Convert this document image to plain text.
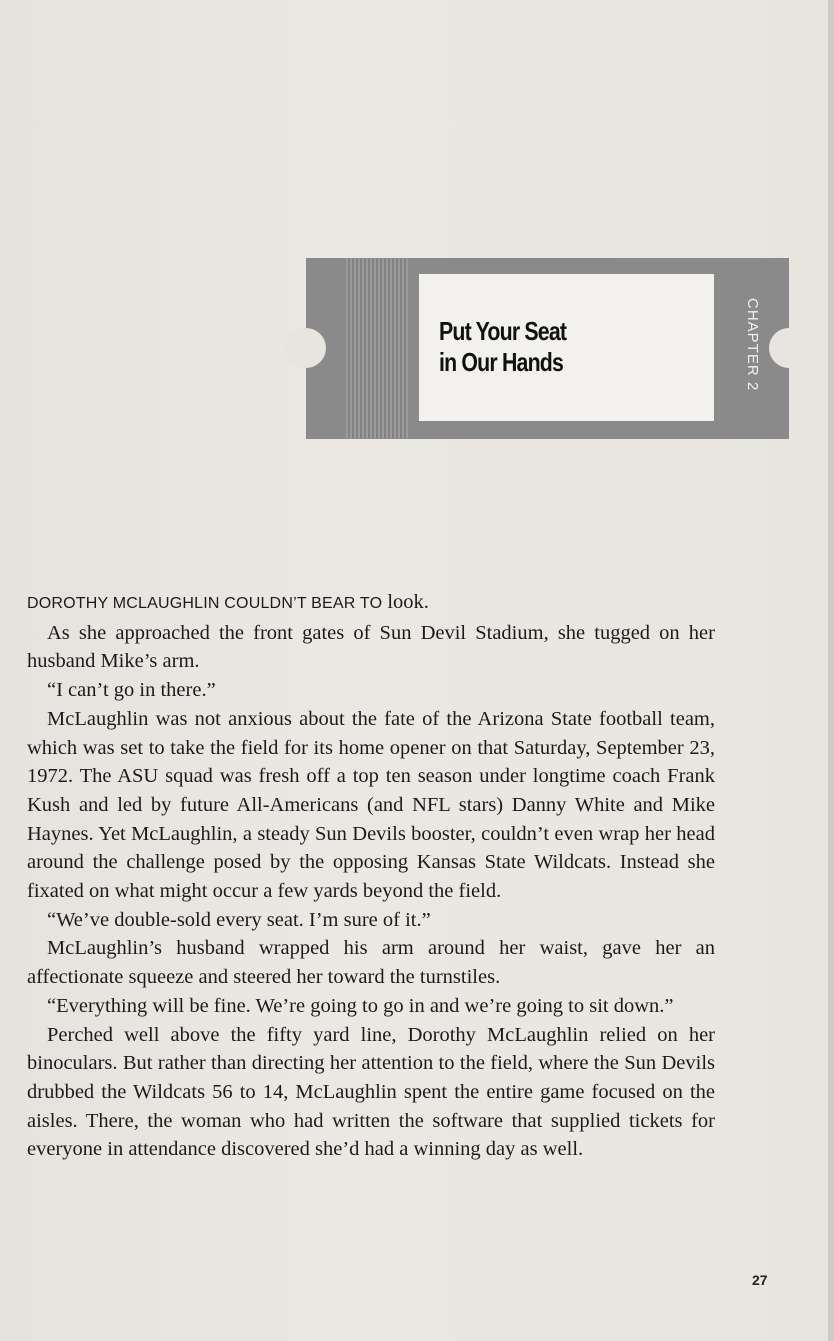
Put Your Seat
in Our Hands	CHAPTER 2

DOROTHY MCLAUGHLIN COULDN’T BEAR TO look.

As she approached the front gates of Sun Devil Stadium, she tugged on her husband Mike’s arm.

“I can’t go in there.”

McLaughlin was not anxious about the fate of the Arizona State football team, which was set to take the field for its home opener on that Saturday, September 23, 1972. The ASU squad was fresh off a top ten season under longtime coach Frank Kush and led by future All-Americans (and NFL stars) Danny White and Mike Haynes. Yet McLaughlin, a steady Sun Devils booster, couldn’t even wrap her head around the challenge posed by the opposing Kansas State Wildcats. Instead she fixated on what might occur a few yards beyond the field.

“We’ve double-sold every seat. I’m sure of it.”

McLaughlin’s husband wrapped his arm around her waist, gave her an affectionate squeeze and steered her toward the turnstiles.

“Everything will be fine. We’re going to go in and we’re going to sit down.”

Perched well above the fifty yard line, Dorothy McLaughlin relied on her binoculars. But rather than directing her attention to the field, where the Sun Devils drubbed the Wildcats 56 to 14, McLaughlin spent the entire game focused on the aisles. There, the woman who had written the software that supplied tickets for everyone in attendance discovered she’d had a winning day as well.

27
